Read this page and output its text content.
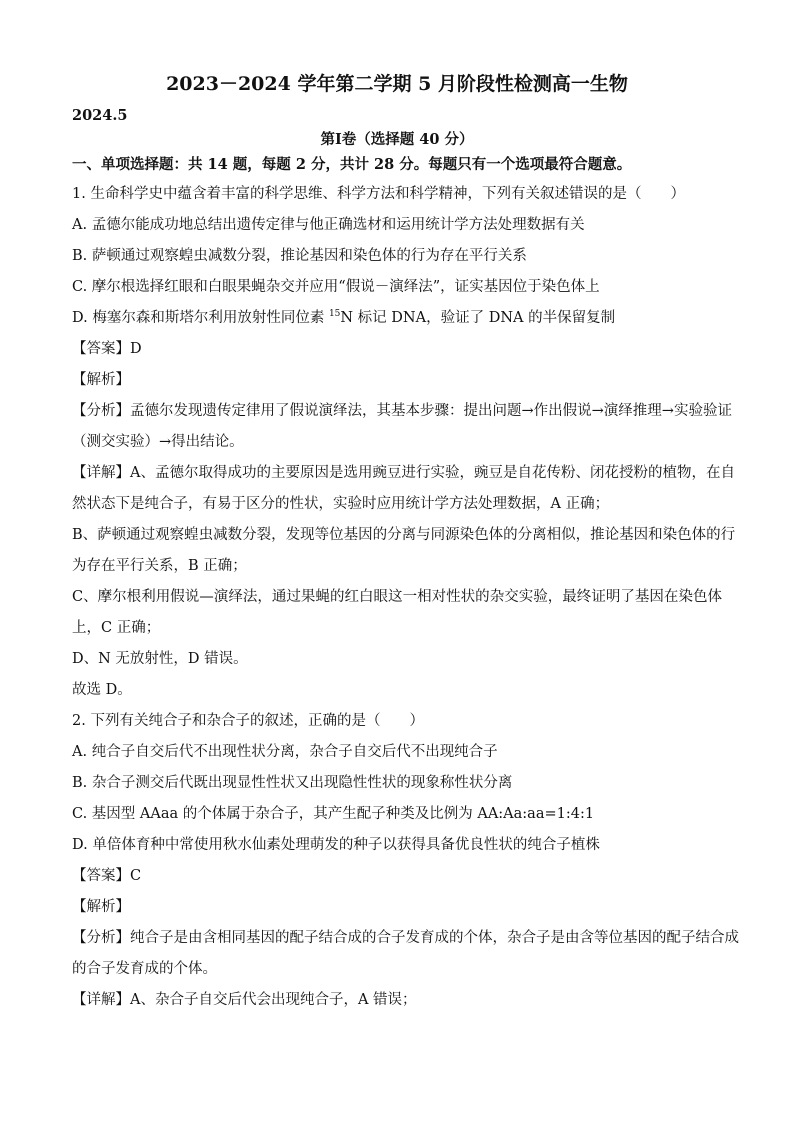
2023－2024 学年第二学期 5 月阶段性检测高一生物
2024.5
第Ⅰ卷（选择题 40 分）
一、单项选择题：共 14 题，每题 2 分，共计 28 分。每题只有一个选项最符合题意。
1. 生命科学史中蕴含着丰富的科学思维、科学方法和科学精神，下列有关叙述错误的是（　　）
A. 孟德尔能成功地总结出遗传定律与他正确选材和运用统计学方法处理数据有关
B. 萨顿通过观察蝗虫减数分裂，推论基因和染色体的行为存在平行关系
C. 摩尔根选择红眼和白眼果蝇杂交并应用“假说－演绎法”，证实基因位于染色体上
D. 梅塞尔森和斯塔尔利用放射性同位素 $^{15}$N 标记 DNA，验证了 DNA 的半保留复制
【答案】D
【解析】
【分析】孟德尔发现遗传定律用了假说演绎法，其基本步骤：提出问题→作出假说→演绎推理→实验验证
（测交实验）→得出结论。
【详解】A、孟德尔取得成功的主要原因是选用豌豆进行实验，豌豆是自花传粉、闭花授粉的植物，在自
然状态下是纯合子，有易于区分的性状，实验时应用统计学方法处理数据，A 正确；
B、萨顿通过观察蝗虫减数分裂，发现等位基因的分离与同源染色体的分离相似，推论基因和染色体的行
为存在平行关系，B 正确；
C、摩尔根利用假说—演绎法，通过果蝇的红白眼这一相对性状的杂交实验，最终证明了基因在染色体
上，C 正确；
D、N 无放射性，D 错误。
故选 D。
2. 下列有关纯合子和杂合子的叙述，正确的是（　　）
A. 纯合子自交后代不出现性状分离，杂合子自交后代不出现纯合子
B. 杂合子测交后代既出现显性性状又出现隐性性状的现象称性状分离
C. 基因型 AAaa 的个体属于杂合子，其产生配子种类及比例为 AA:Aa:aa=1:4:1
D. 单倍体育种中常使用秋水仙素处理萌发的种子以获得具备优良性状的纯合子植株
【答案】C
【解析】
【分析】纯合子是由含相同基因的配子结合成的合子发育成的个体，杂合子是由含等位基因的配子结合成
的合子发育成的个体。
【详解】A、杂合子自交后代会出现纯合子，A 错误；
